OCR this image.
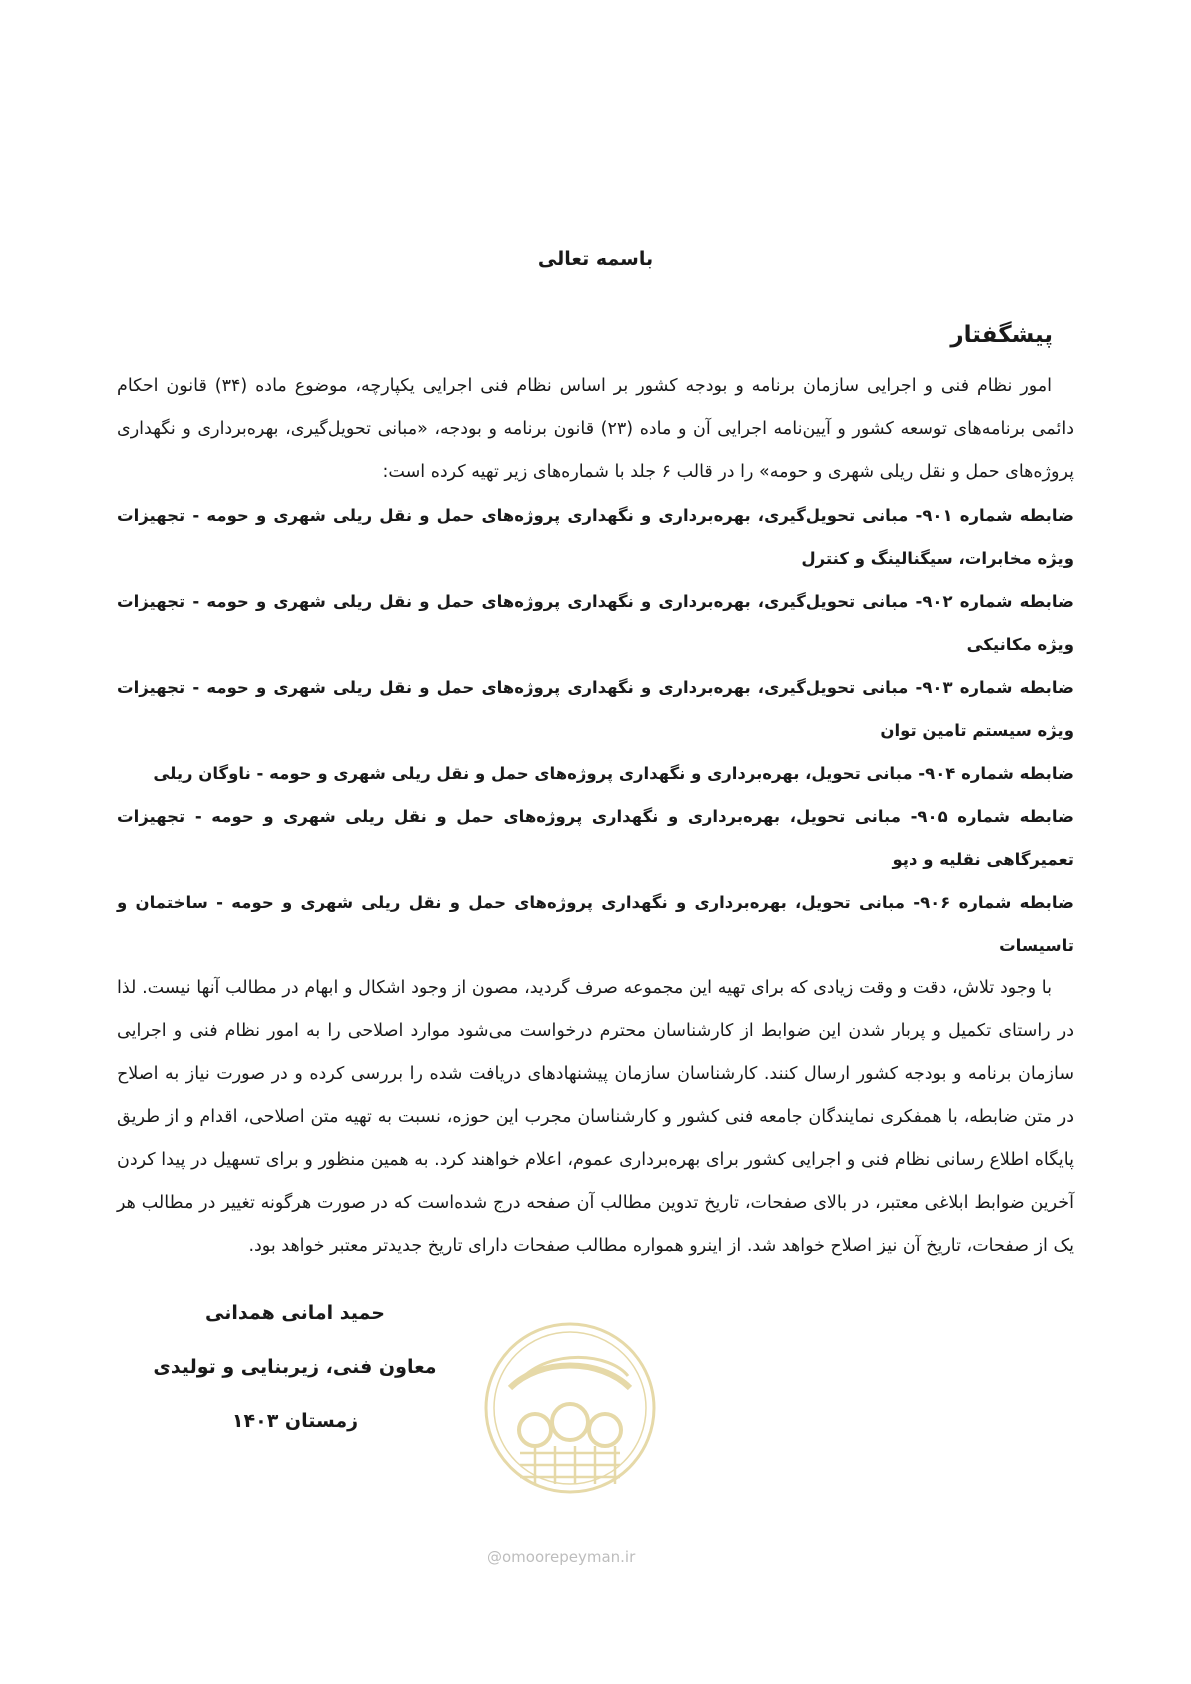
باسمه تعالی
پیشگفتار

امور نظام فنی و اجرایی سازمان برنامه و بودجه کشور بر اساس نظام فنی اجرایی یکپارچه، موضوع ماده (۳۴) قانون احکام دائمی برنامه‌های توسعه کشور و آیین‌نامه اجرایی آن و ماده (۲۳) قانون برنامه و بودجه، «مبانی تحویل‌گیری، بهره‌برداری و نگهداری پروژه‌های حمل و نقل ریلی شهری و حومه» را در قالب ۶ جلد با شماره‌های زیر تهیه کرده است:

ضابطه شماره ۹۰۱- مبانی تحویل‌گیری، بهره‌برداری و نگهداری پروژه‌های حمل و نقل ریلی شهری و حومه - تجهیزات ویژه مخابرات، سیگنالینگ و کنترل

ضابطه شماره ۹۰۲- مبانی تحویل‌گیری، بهره‌برداری و نگهداری پروژه‌های حمل و نقل ریلی شهری و حومه - تجهیزات ویژه مکانیکی

ضابطه شماره ۹۰۳- مبانی تحویل‌گیری، بهره‌برداری و نگهداری پروژه‌های حمل و نقل ریلی شهری و حومه - تجهیزات ویژه سیستم تامین توان

ضابطه شماره ۹۰۴- مبانی تحویل، بهره‌برداری و نگهداری پروژه‌های حمل و نقل ریلی شهری و حومه - ناوگان ریلی

ضابطه شماره ۹۰۵- مبانی تحویل، بهره‌برداری و نگهداری پروژه‌های حمل و نقل ریلی شهری و حومه - تجهیزات تعمیرگاهی نقلیه و دپو

ضابطه شماره ۹۰۶- مبانی تحویل، بهره‌برداری و نگهداری پروژه‌های حمل و نقل ریلی شهری و حومه - ساختمان و تاسیسات

با وجود تلاش، دقت و وقت زیادی که برای تهیه این مجموعه صرف گردید، مصون از وجود اشکال و ابهام در مطالب آنها نیست. لذا در راستای تکمیل و پربار شدن این ضوابط از کارشناسان محترم درخواست می‌شود موارد اصلاحی را به امور نظام فنی و اجرایی سازمان برنامه و بودجه کشور ارسال کنند. کارشناسان سازمان پیشنهادهای دریافت شده را بررسی کرده و در صورت نیاز به اصلاح در متن ضابطه، با همفکری نمایندگان جامعه فنی کشور و کارشناسان مجرب این حوزه، نسبت به تهیه متن اصلاحی، اقدام و از طریق پایگاه اطلاع رسانی نظام فنی و اجرایی کشور برای بهره‌برداری عموم، اعلام خواهند کرد. به همین منظور و برای تسهیل در پیدا کردن آخرین ضوابط ابلاغی معتبر، در بالای صفحات، تاریخ تدوین مطالب آن صفحه درج شده‌است که در صورت هرگونه تغییر در مطالب هر یک از صفحات، تاریخ آن نیز اصلاح خواهد شد. از اینرو همواره مطالب صفحات دارای تاریخ جدیدتر معتبر خواهد بود.

حمید امانی همدانی
معاون فنی، زیربنایی و تولیدی
زمستان ۱۴۰۳
@omoorepeyman.ir
